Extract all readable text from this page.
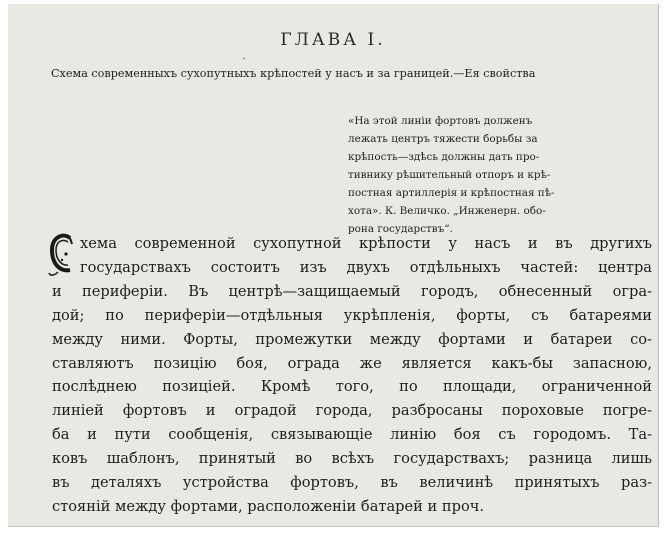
ГЛАВА I.
ˏ
Схема современныхъ сухопутныхъ крѣпостей у насъ и за границей.—Ея свойства
«На этой линiи фортовъ долженъ
лежать центръ тяжести борьбы за
крѣпость—здѣсь должны дать про-
тивнику рѣшительный отпоръ и крѣ-
постная артиллерiя и крѣпостная пѣ-
хота». К. Величко. „Инженерн. обо-
рона государствъ“.
хема современной сухопутной крѣпости у насъ и въ другихъ
государствахъ состоитъ изъ двухъ отдѣльныхъ частей: центра
и периферiи. Въ центрѣ—защищаемый городъ, обнесенный огра-
дой; по периферiи—отдѣльныя укрѣпленiя, форты, съ батареями
между ними. Форты, промежутки между фортами и батареи со-
ставляютъ позицiю боя, ограда же является какъ-бы запасною,
послѣднею позицiей. Кромѣ того, по площади, ограниченной
линiей фортовъ и оградой города, разбросаны пороховые погре-
ба и пути сообщенiя, связывающiе линiю боя съ городомъ. Та-
ковъ шаблонъ, принятый во всѣхъ государствахъ; разница лишь
въ деталяхъ устройства фортовъ, въ величинѣ принятыхъ раз-
стоянiй между фортами, расположенiи батарей и проч.
